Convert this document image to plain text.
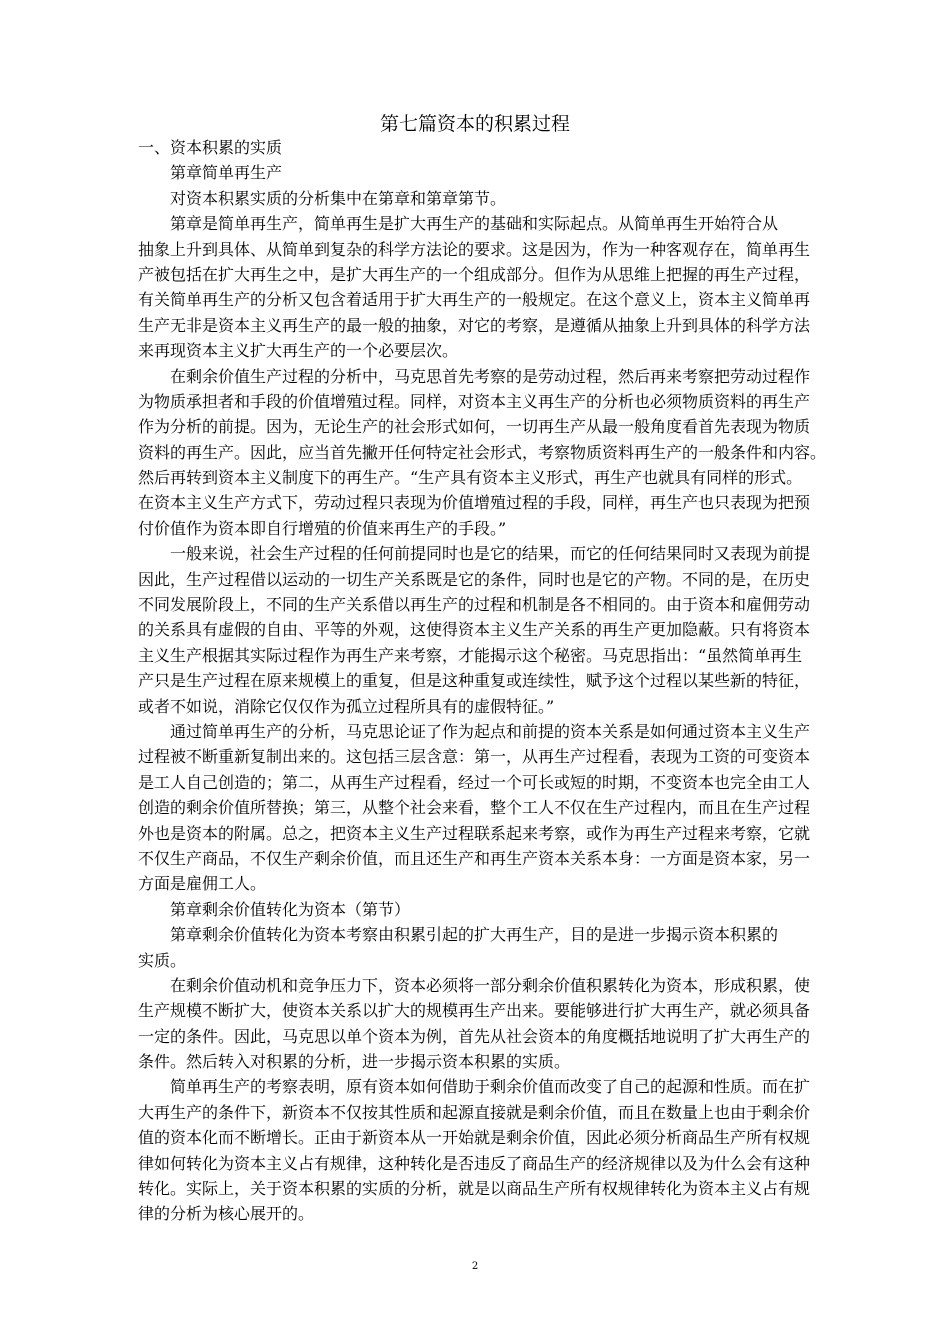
第七篇资本的积累过程
一、资本积累的实质
第章简单再生产
对资本积累实质的分析集中在第章和第章第节。
第章是简单再生产，简单再生是扩大再生产的基础和实际起点。从简单再生开始符合从
抽象上升到具体、从简单到复杂的科学方法论的要求。这是因为，作为一种客观存在，简单再生
产被包括在扩大再生之中，是扩大再生产的一个组成部分。但作为从思维上把握的再生产过程，
有关简单再生产的分析又包含着适用于扩大再生产的一般规定。在这个意义上，资本主义简单再
生产无非是资本主义再生产的最一般的抽象，对它的考察，是遵循从抽象上升到具体的科学方法
来再现资本主义扩大再生产的一个必要层次。
在剩余价值生产过程的分析中，马克思首先考察的是劳动过程，然后再来考察把劳动过程作
为物质承担者和手段的价值增殖过程。同样，对资本主义再生产的分析也必须物质资料的再生产
作为分析的前提。因为，无论生产的社会形式如何，一切再生产从最一般角度看首先表现为物质
资料的再生产。因此，应当首先撇开任何特定社会形式，考察物质资料再生产的一般条件和内容。
然后再转到资本主义制度下的再生产。“生产具有资本主义形式，再生产也就具有同样的形式。
在资本主义生产方式下，劳动过程只表现为价值增殖过程的手段，同样，再生产也只表现为把预
付价值作为资本即自行增殖的价值来再生产的手段。”
一般来说，社会生产过程的任何前提同时也是它的结果，而它的任何结果同时又表现为前提
因此，生产过程借以运动的一切生产关系既是它的条件，同时也是它的产物。不同的是，在历史
不同发展阶段上，不同的生产关系借以再生产的过程和机制是各不相同的。由于资本和雇佣劳动
的关系具有虚假的自由、平等的外观，这使得资本主义生产关系的再生产更加隐蔽。只有将资本
主义生产根据其实际过程作为再生产来考察，才能揭示这个秘密。马克思指出：“虽然简单再生
产只是生产过程在原来规模上的重复，但是这种重复或连续性，赋予这个过程以某些新的特征，
或者不如说，消除它仅仅作为孤立过程所具有的虚假特征。”
通过简单再生产的分析，马克思论证了作为起点和前提的资本关系是如何通过资本主义生产
过程被不断重新复制出来的。这包括三层含意：第一，从再生产过程看，表现为工资的可变资本
是工人自己创造的；第二，从再生产过程看，经过一个可长或短的时期，不变资本也完全由工人
创造的剩余价值所替换；第三，从整个社会来看，整个工人不仅在生产过程内，而且在生产过程
外也是资本的附属。总之，把资本主义生产过程联系起来考察，或作为再生产过程来考察，它就
不仅生产商品，不仅生产剩余价值，而且还生产和再生产资本关系本身：一方面是资本家，另一
方面是雇佣工人。
第章剩余价值转化为资本（第节）
第章剩余价值转化为资本考察由积累引起的扩大再生产，目的是进一步揭示资本积累的
实质。
在剩余价值动机和竞争压力下，资本必须将一部分剩余价值积累转化为资本，形成积累，使
生产规模不断扩大，使资本关系以扩大的规模再生产出来。要能够进行扩大再生产，就必须具备
一定的条件。因此，马克思以单个资本为例，首先从社会资本的角度概括地说明了扩大再生产的
条件。然后转入对积累的分析，进一步揭示资本积累的实质。
简单再生产的考察表明，原有资本如何借助于剩余价值而改变了自己的起源和性质。而在扩
大再生产的条件下，新资本不仅按其性质和起源直接就是剩余价值，而且在数量上也由于剩余价
值的资本化而不断增长。正由于新资本从一开始就是剩余价值，因此必须分析商品生产所有权规
律如何转化为资本主义占有规律，这种转化是否违反了商品生产的经济规律以及为什么会有这种
转化。实际上，关于资本积累的实质的分析，就是以商品生产所有权规律转化为资本主义占有规
律的分析为核心展开的。
2
